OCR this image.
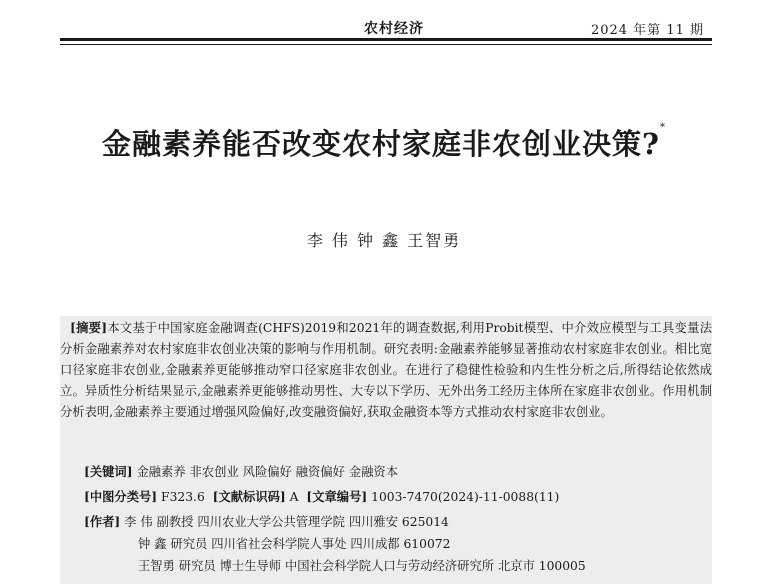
农村经济	2024 年第 11 期
金融素养能否改变农村家庭非农创业决策?*
李 伟 钟 鑫 王智勇
[摘要]本文基于中国家庭金融调查(CHFS)2019和2021年的调查数据,利用Probit模型、中介效应模型与工具变量法分析金融素养对农村家庭非农创业决策的影响与作用机制。研究表明:金融素养能够显著推动农村家庭非农创业。相比宽口径家庭非农创业,金融素养更能够推动窄口径家庭非农创业。在进行了稳健性检验和内生性分析之后,所得结论依然成立。异质性分析结果显示,金融素养更能够推动男性、大专以下学历、无外出务工经历主体所在家庭非农创业。作用机制分析表明,金融素养主要通过增强风险偏好,改变融资偏好,获取金融资本等方式推动农村家庭非农创业。
[关键词] 金融素养 非农创业 风险偏好 融资偏好 金融资本
[中图分类号] F323.6 [文献标识码] A [文章编号] 1003-7470(2024)-11-0088(11)
[作者] 李 伟 副教授 四川农业大学公共管理学院 四川雅安 625014
钟 鑫 研究员 四川省社会科学院人事处 四川成都 610072
王智勇 研究员 博士生导师 中国社会科学院人口与劳动经济研究所 北京市 100005
